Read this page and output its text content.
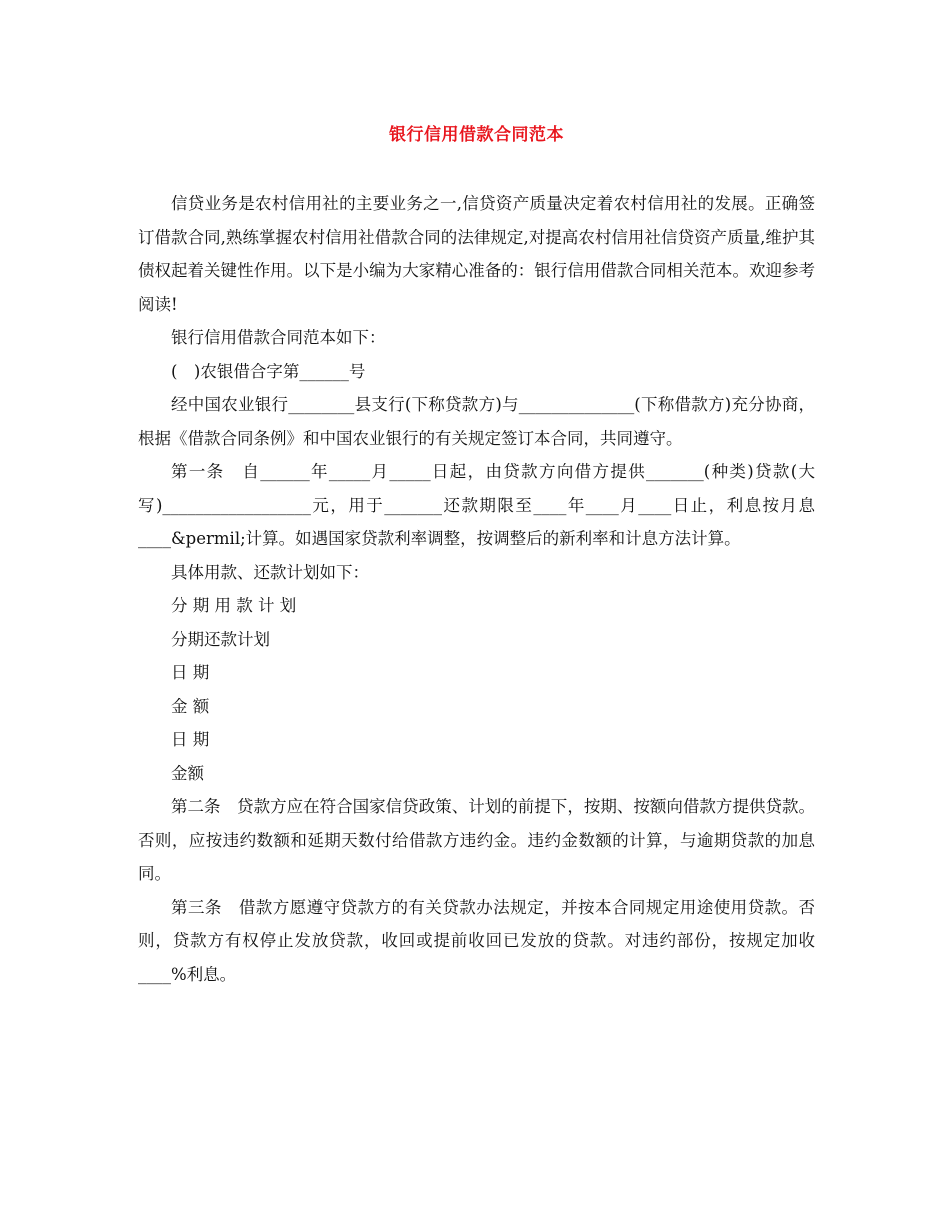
银行信用借款合同范本

信贷业务是农村信用社的主要业务之一,信贷资产质量决定着农村信用社的发展。正确签订借款合同,熟练掌握农村信用社借款合同的法律规定,对提高农村信用社信贷资产质量,维护其债权起着关键性作用。以下是小编为大家精心准备的：银行信用借款合同相关范本。欢迎参考阅读!

银行信用借款合同范本如下：

(　)农银借合字第______号

经中国农业银行________县支行(下称贷款方)与______________(下称借款方)充分协商，根据《借款合同条例》和中国农业银行的有关规定签订本合同，共同遵守。

第一条　自______年_____月_____日起，由贷款方向借方提供_______(种类)贷款(大写)__________________元，用于_______还款期限至____年____月____日止，利息按月息____&permil;计算。如遇国家贷款利率调整，按调整后的新利率和计息方法计算。

具体用款、还款计划如下：

分 期 用 款 计 划

分期还款计划

日 期

金 额

日 期

金额

第二条　贷款方应在符合国家信贷政策、计划的前提下，按期、按额向借款方提供贷款。否则，应按违约数额和延期天数付给借款方违约金。违约金数额的计算，与逾期贷款的加息同。

第三条　借款方愿遵守贷款方的有关贷款办法规定，并按本合同规定用途使用贷款。否则，贷款方有权停止发放贷款，收回或提前收回已发放的贷款。对违约部份，按规定加收____%利息。
